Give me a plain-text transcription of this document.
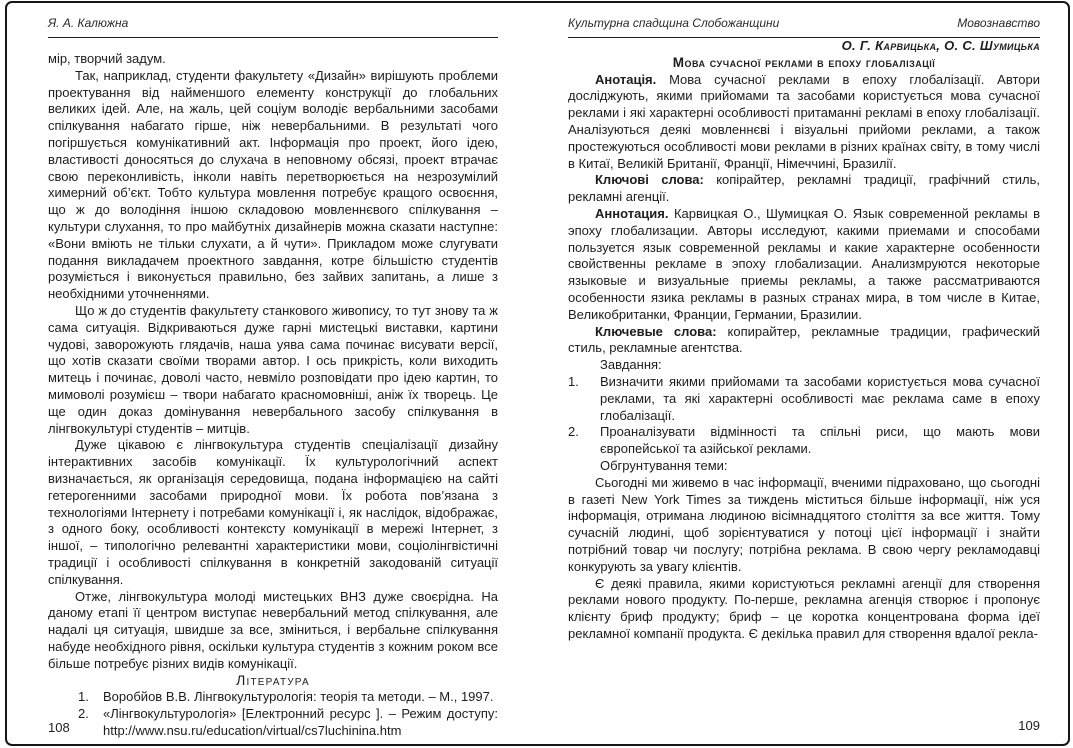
Я. А. Калюжна

мір, творчий задум.

Так, наприклад, студенти факультету «Дизайн» вирішують проблеми проектування від найменшого елементу конструкції до глобальних великих ідей. Але, на жаль, цей соціум володіє вербальними засобами спілкування набагато гірше, ніж невербальними. В результаті чого погіршується комунікативний акт. Інформація про проект, його ідею, властивості доносяться до слухача в неповному обсязі, проект втрачає свою переконливість, інколи навіть перетворюється на незрозумілий химерний об’єкт. Тобто культура мовлення потребує кращого освоєння, що ж до володіння іншою складовою мовленнєвого спілкування – культури слухання, то про майбутніх дизайнерів можна сказати наступне: «Вони вміють не тільки слухати, а й чути». Прикладом може слугувати подання викладачем проектного завдання, котре більшістю студентів розуміється і виконується правильно, без зайвих запитань, а лише з необхідними уточненнями.

Що ж до студентів факультету станкового живопису, то тут знову та ж сама ситуація. Відкриваються дуже гарні мистецькі виставки, картини чудові, заворожують глядачів, наша уява сама починає висувати версії, що хотів сказати своїми творами автор. І ось прикрість, коли виходить митець і починає, доволі часто, невміло розповідати про ідею картин, то мимоволі розумієш – твори набагато красномовніші, аніж їх творець. Це ще один доказ домінування невербального засобу спілкування в лінгвокультурі студентів – митців.

Дуже цікавою є лінгвокультура студентів спеціалізації дизайну інтерактивних засобів комунікації. Їх культурологічний аспект визначається, як організація середовища, подана інформацією на сайті гетерогенними засобами природної мови. Їх робота пов’язана з технологіями Інтернету і потребами комунікації і, як наслідок, відображає, з одного боку, особливості контексту комунікації в мережі Інтернет, з іншої, – типологічно релевантні характеристики мови, соціолінгвістичні традиції і особливості спілкування в конкретній закодованій ситуації спілкування.

Отже, лінгвокультура молоді мистецьких ВНЗ дуже своєрідна. На даному етапі її центром виступає невербальний метод спілкування, але надалі ця ситуація, швидше за все, зміниться, і вербальне спілкування набуде необхідного рівня, оскільки культура студентів з кожним роком все більше потребує різних видів комунікації.

Література

1.	Воробйов В.В. Лінгвокультурологія: теорія та методи. – М., 1997.
2.	«Лінгвокультурологія» [Електронний ресурс ]. – Режим доступу: http://www.nsu.ru/education/virtual/cs7luchinina.htm
108
Культурна спадщина Слобожанщини	Мовознавство

О. Г. Карвицька, О. С. Шумицька

Мова сучасної реклами в епоху глобалізації

Анотація. Мова сучасної реклами в епоху глобалізації. Автори досліджують, якими прийомами та засобами користується мова сучасної реклами і які характерні особливості притаманні рекламі в епоху глобалізації. Аналізуються деякі мовленнєві і візуальні прийоми реклами, а також простежуються особливості мови реклами в різних країнах світу, в тому числі в Китаї, Великій Британії, Франції, Німеччині, Бразилії.

Ключові слова: копірайтер, рекламні традиції, графічний стиль, рекламні агенції.

Аннотация. Карвицкая О., Шумицкая О. Язык современной рекламы в эпоху глобализации. Авторы исследуют, какими приемами и способами пользуется язык современной рекламы и какие характерне особенности свойственны рекламе в эпоху глобализации. Анализмруются некоторые языковые и визуальные приемы рекламы, а также рассматриваются особенности язика рекламы в разных странах мира, в том числе в Китае, Великобританки, Франции, Германии, Бразилии.

Ключевые слова: копирайтер, рекламные традиции, графический стиль, рекламные агентства.

Завдання:

1.	Визначити якими прийомами та засобами користується мова сучасної реклами, та які характерні особливості має реклама саме в епоху глобалізації.
2.	Проаналізувати відмінності та спільні риси, що мають мови європейської та азійської реклами.

Обгрунтування теми:

Сьогодні ми живемо в час інформації, вченими підраховано, що сьогодні в газеті New York Times за тиждень міститься більше інформації, ніж уся інформація, отримана людиною вісімнадцятого століття за все життя. Тому сучасній людині, щоб зорієнтуватися у потоці цієї інформації і знайти потрібний товар чи послугу; потрібна реклама. В свою чергу рекламодавці конкурують за увагу клієнтів.

Є деякі правила, якими користуються рекламні агенції для створення реклами нового продукту. По-перше, рекламна агенція створює і пропонує клієнту бриф продукту; бриф – це коротка концентрована форма ідеї рекламної компанії продукта. Є декілька правил для створення вдалої рекла-

109
